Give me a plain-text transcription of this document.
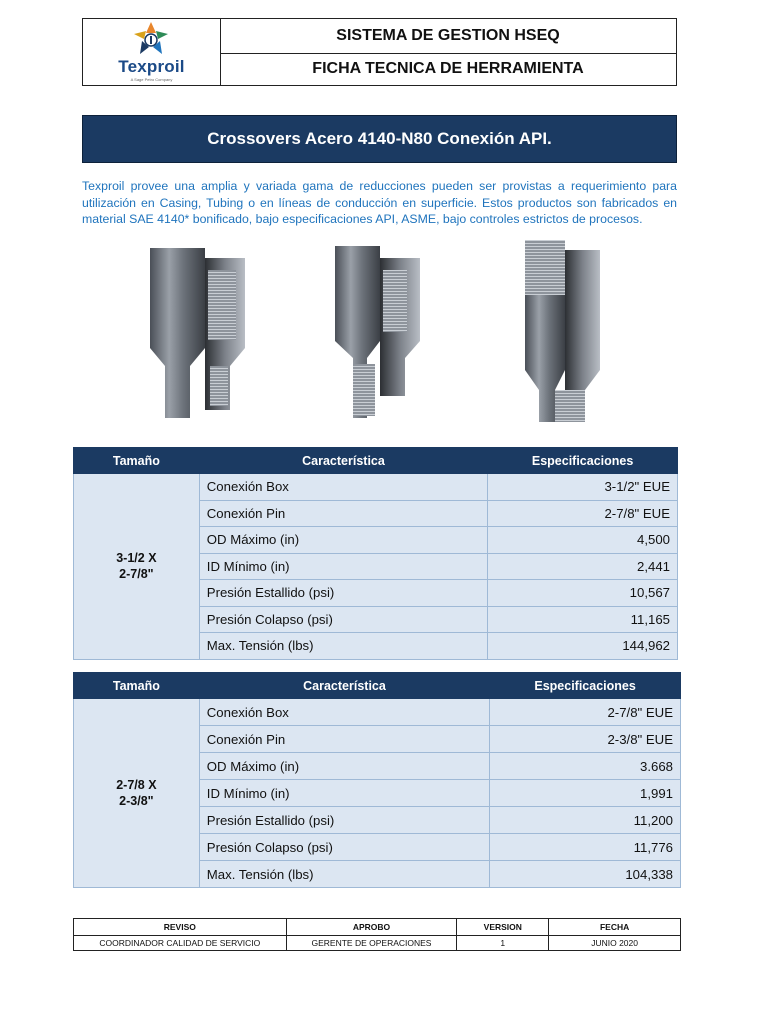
Texproil
A Sage Petro Company
SISTEMA DE GESTION HSEQ
FICHA TECNICA DE HERRAMIENTA
Crossovers Acero 4140-N80 Conexión API.
Texproil provee una amplia y variada gama de reducciones pueden ser provistas a requerimiento para utilización en Casing, Tubing o en líneas de conducción en superficie. Estos productos son fabricados en material SAE 4140* bonificado, bajo especificaciones API, ASME, bajo controles estrictos de procesos.
Tamaño	Característica	Especificaciones
3-1/2 X
2-7/8"	Conexión Box	3-1/2" EUE
	Conexión Pin	2-7/8" EUE
	OD Máximo (in)	4,500
	ID Mínimo (in)	2,441
	Presión Estallido (psi)	10,567
	Presión Colapso (psi)	11,165
	Max. Tensión (lbs)	144,962
Tamaño	Característica	Especificaciones
2-7/8 X
2-3/8"	Conexión Box	2-7/8" EUE
	Conexión Pin	2-3/8" EUE
	OD Máximo (in)	3.668
	ID Mínimo (in)	1,991
	Presión Estallido (psi)	11,200
	Presión Colapso (psi)	11,776
	Max. Tensión (lbs)	104,338
REVISO	APROBO	VERSION	FECHA
COORDINADOR CALIDAD DE SERVICIO	GERENTE DE OPERACIONES	1	JUNIO 2020
